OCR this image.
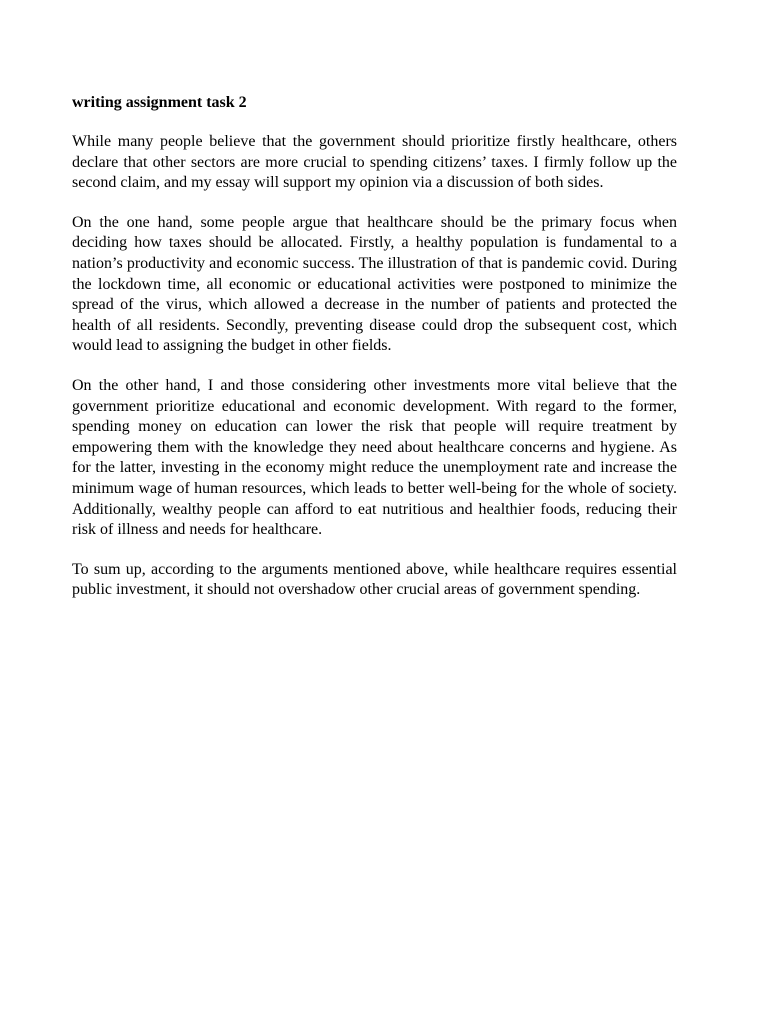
writing assignment task 2

While many people believe that the government should prioritize firstly healthcare, others declare that other sectors are more crucial to spending citizens’ taxes. I firmly follow up the second claim, and my essay will support my opinion via a discussion of both sides.

On the one hand, some people argue that healthcare should be the primary focus when deciding how taxes should be allocated. Firstly, a healthy population is fundamental to a nation’s productivity and economic success. The illustration of that is pandemic covid. During the lockdown time, all economic or educational activities were postponed to minimize the spread of the virus, which allowed a decrease in the number of patients and protected the health of all residents. Secondly, preventing disease could drop the subsequent cost, which would lead to assigning the budget in other fields.

On the other hand, I and those considering other investments more vital believe that the government prioritize educational and economic development. With regard to the former, spending money on education can lower the risk that people will require treatment by empowering them with the knowledge they need about healthcare concerns and hygiene. As for the latter, investing in the economy might reduce the unemployment rate and increase the minimum wage of human resources, which leads to better well-being for the whole of society. Additionally, wealthy people can afford to eat nutritious and healthier foods, reducing their risk of illness and needs for healthcare.

To sum up, according to the arguments mentioned above, while healthcare requires essential public investment, it should not overshadow other crucial areas of government spending.
